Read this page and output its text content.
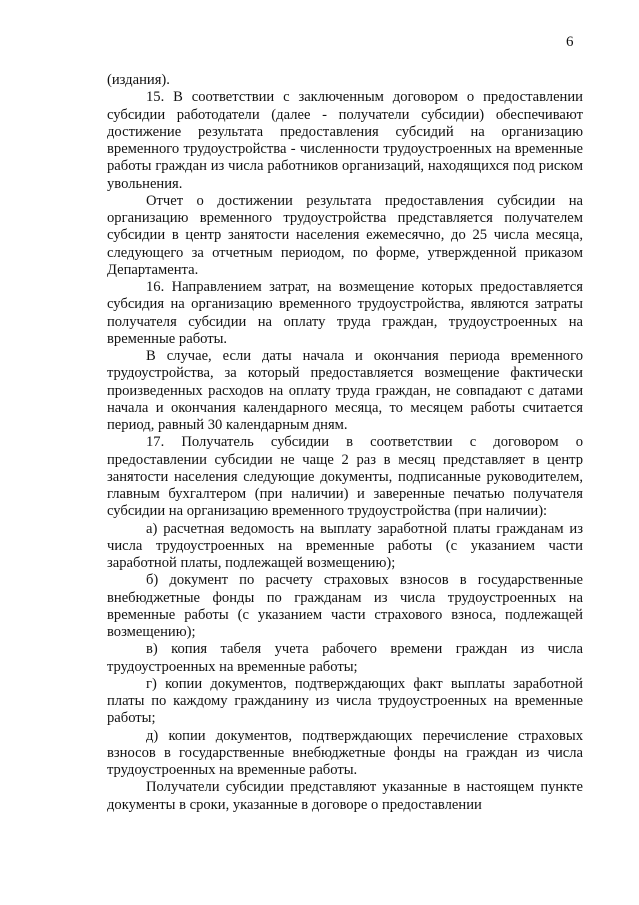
6

(издания).

15. В соответствии с заключенным договором о предоставлении субсидии работодатели (далее - получатели субсидии) обеспечивают достижение результата предоставления субсидий на организацию временного трудоустройства - численности трудоустроенных на временные работы граждан из числа работников организаций, находящихся под риском увольнения.

Отчет о достижении результата предоставления субсидии на организацию временного трудоустройства представляется получателем субсидии в центр занятости населения ежемесячно, до 25 числа месяца, следующего за отчетным периодом, по форме, утвержденной приказом Департамента.

16. Направлением затрат, на возмещение которых предоставляется субсидия на организацию временного трудоустройства, являются затраты получателя субсидии на оплату труда граждан, трудоустроенных на временные работы.

В случае, если даты начала и окончания периода временного трудоустройства, за который предоставляется возмещение фактически произведенных расходов на оплату труда граждан, не совпадают с датами начала и окончания календарного месяца, то месяцем работы считается период, равный 30 календарным дням.

17. Получатель субсидии в соответствии с договором о предоставлении субсидии не чаще 2 раз в месяц представляет в центр занятости населения следующие документы, подписанные руководителем, главным бухгалтером (при наличии) и заверенные печатью получателя субсидии на организацию временного трудоустройства (при наличии):

а) расчетная ведомость на выплату заработной платы гражданам из числа трудоустроенных на временные работы (с указанием части заработной платы, подлежащей возмещению);

б) документ по расчету страховых взносов в государственные внебюджетные фонды по гражданам из числа трудоустроенных на временные работы (с указанием части страхового взноса, подлежащей возмещению);

в) копия табеля учета рабочего времени граждан из числа трудоустроенных на временные работы;

г) копии документов, подтверждающих факт выплаты заработной платы по каждому гражданину из числа трудоустроенных на временные работы;

д) копии документов, подтверждающих перечисление страховых взносов в государственные внебюджетные фонды на граждан из числа трудоустроенных на временные работы.

Получатели субсидии представляют указанные в настоящем пункте документы в сроки, указанные в договоре о предоставлении
